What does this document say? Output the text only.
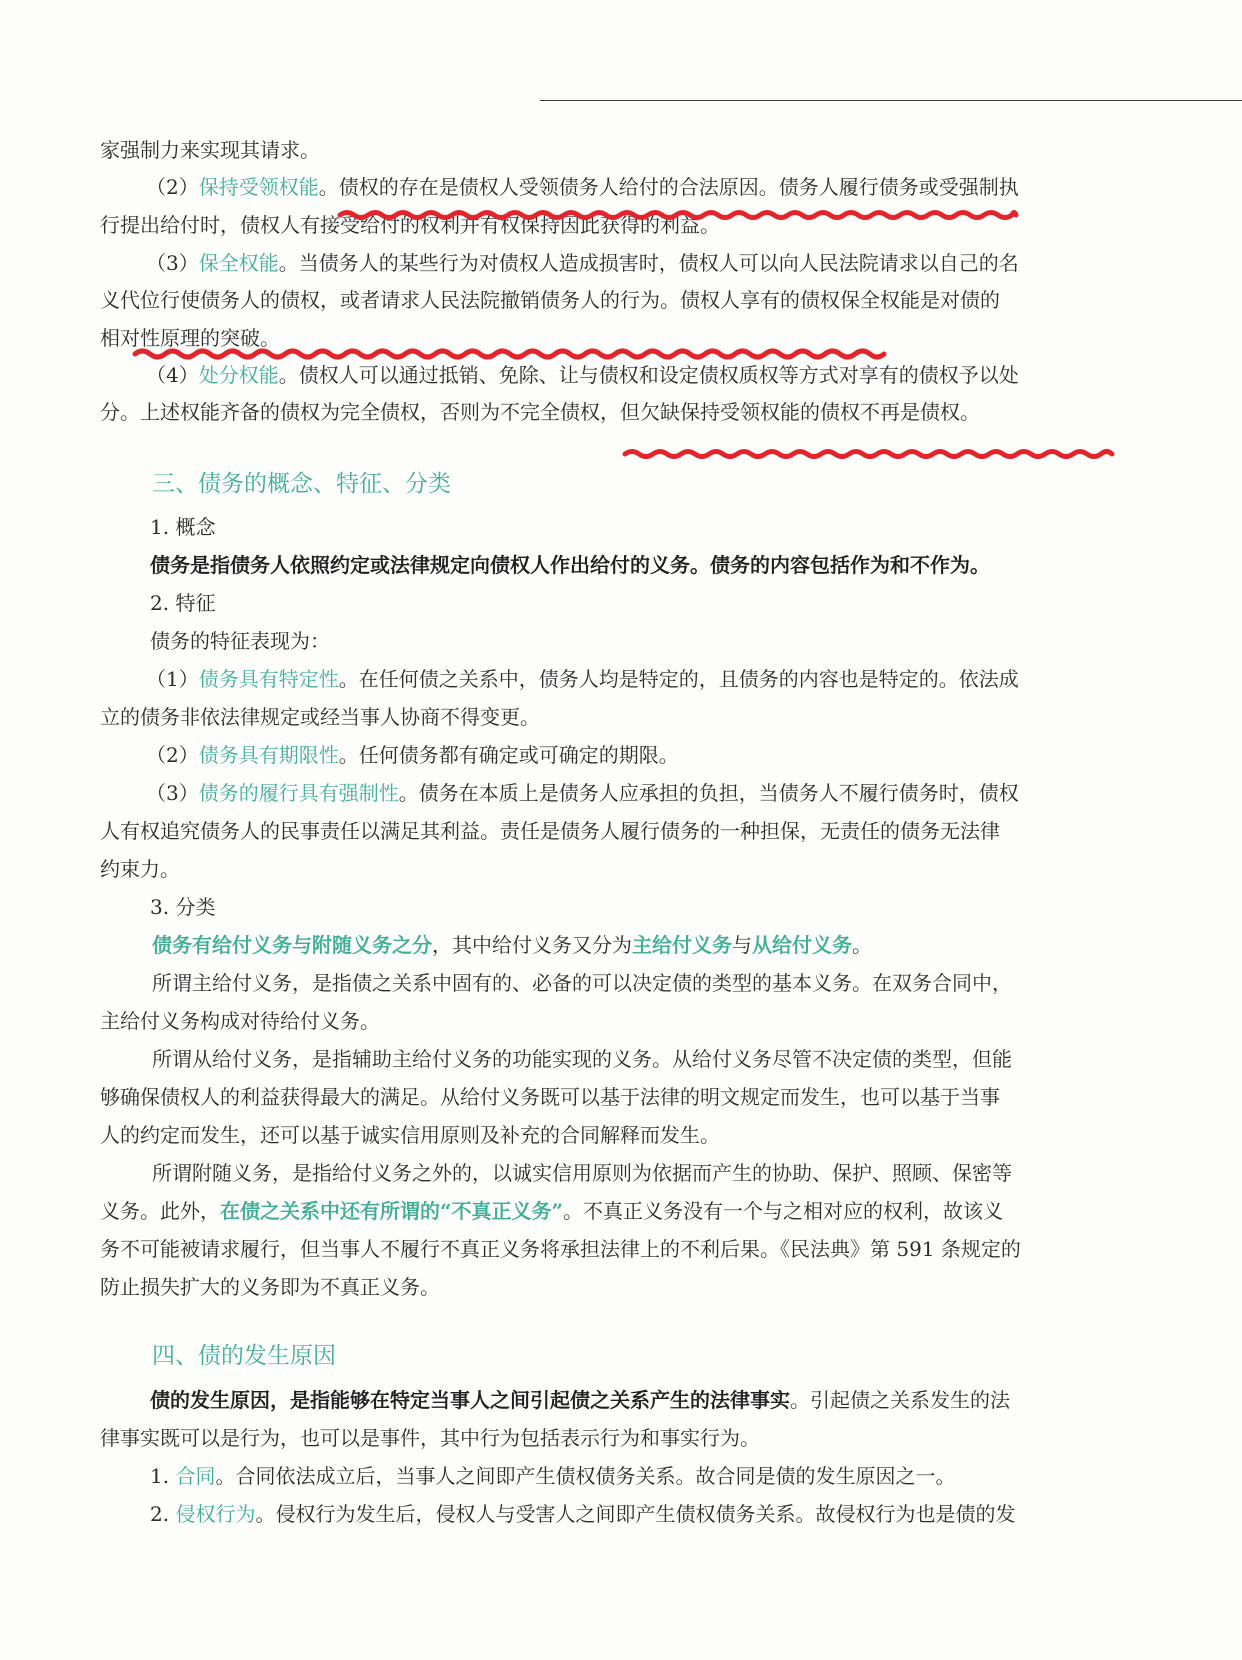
家强制力来实现其请求。
（2）保持受领权能。债权的存在是债权人受领债务人给付的合法原因。债务人履行债务或受强制执
行提出给付时，债权人有接受给付的权利并有权保持因此获得的利益。
（3）保全权能。当债务人的某些行为对债权人造成损害时，债权人可以向人民法院请求以自己的名
义代位行使债务人的债权，或者请求人民法院撤销债务人的行为。债权人享有的债权保全权能是对债的
相对性原理的突破。
（4）处分权能。债权人可以通过抵销、免除、让与债权和设定债权质权等方式对享有的债权予以处
分。上述权能齐备的债权为完全债权，否则为不完全债权，但欠缺保持受领权能的债权不再是债权。
三、债务的概念、特征、分类
1. 概念
债务是指债务人依照约定或法律规定向债权人作出给付的义务。债务的内容包括作为和不作为。
2. 特征
债务的特征表现为：
（1）债务具有特定性。在任何债之关系中，债务人均是特定的，且债务的内容也是特定的。依法成
立的债务非依法律规定或经当事人协商不得变更。
（2）债务具有期限性。任何债务都有确定或可确定的期限。
（3）债务的履行具有强制性。债务在本质上是债务人应承担的负担，当债务人不履行债务时，债权
人有权追究债务人的民事责任以满足其利益。责任是债务人履行债务的一种担保，无责任的债务无法律
约束力。
3. 分类
债务有给付义务与附随义务之分，其中给付义务又分为主给付义务与从给付义务。
所谓主给付义务，是指债之关系中固有的、必备的可以决定债的类型的基本义务。在双务合同中，
主给付义务构成对待给付义务。
所谓从给付义务，是指辅助主给付义务的功能实现的义务。从给付义务尽管不决定债的类型，但能
够确保债权人的利益获得最大的满足。从给付义务既可以基于法律的明文规定而发生，也可以基于当事
人的约定而发生，还可以基于诚实信用原则及补充的合同解释而发生。
所谓附随义务，是指给付义务之外的，以诚实信用原则为依据而产生的协助、保护、照顾、保密等
义务。此外，在债之关系中还有所谓的“不真正义务”。不真正义务没有一个与之相对应的权利，故该义
务不可能被请求履行，但当事人不履行不真正义务将承担法律上的不利后果。《民法典》第 591 条规定的
防止损失扩大的义务即为不真正义务。
四、债的发生原因
债的发生原因，是指能够在特定当事人之间引起债之关系产生的法律事实。引起债之关系发生的法
律事实既可以是行为，也可以是事件，其中行为包括表示行为和事实行为。
1. 合同。合同依法成立后，当事人之间即产生债权债务关系。故合同是债的发生原因之一。
2. 侵权行为。侵权行为发生后，侵权人与受害人之间即产生债权债务关系。故侵权行为也是债的发
